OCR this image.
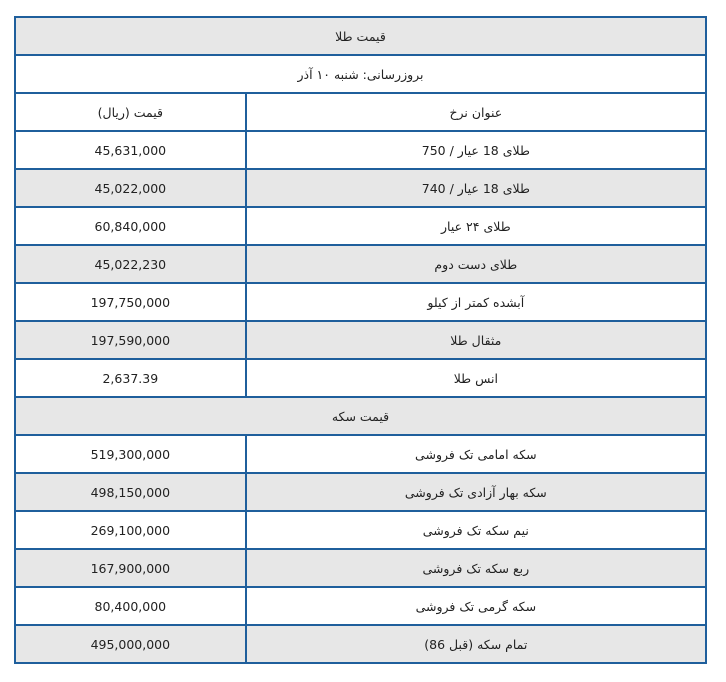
قیمت طلا	
بروزرسانی: شنبه ۱۰ آذر	
قیمت (ریال)	عنوان نرخ
45,631,000	طلای 18 عیار / 750
45,022,000	طلای 18 عیار / 740
60,840,000	طلای ۲۴ عیار
45,022,230	طلای دست دوم
197,750,000	آبشده کمتر از کیلو
197,590,000	مثقال طلا
2,637.39	انس طلا
قیمت سکه	
519,300,000	سکه امامی تک فروشی
498,150,000	سکه بهار آزادی تک فروشی
269,100,000	نیم سکه تک فروشی
167,900,000	ربع سکه تک فروشی
80,400,000	سکه گرمی تک فروشی
495,000,000	تمام سکه (قبل 86)
